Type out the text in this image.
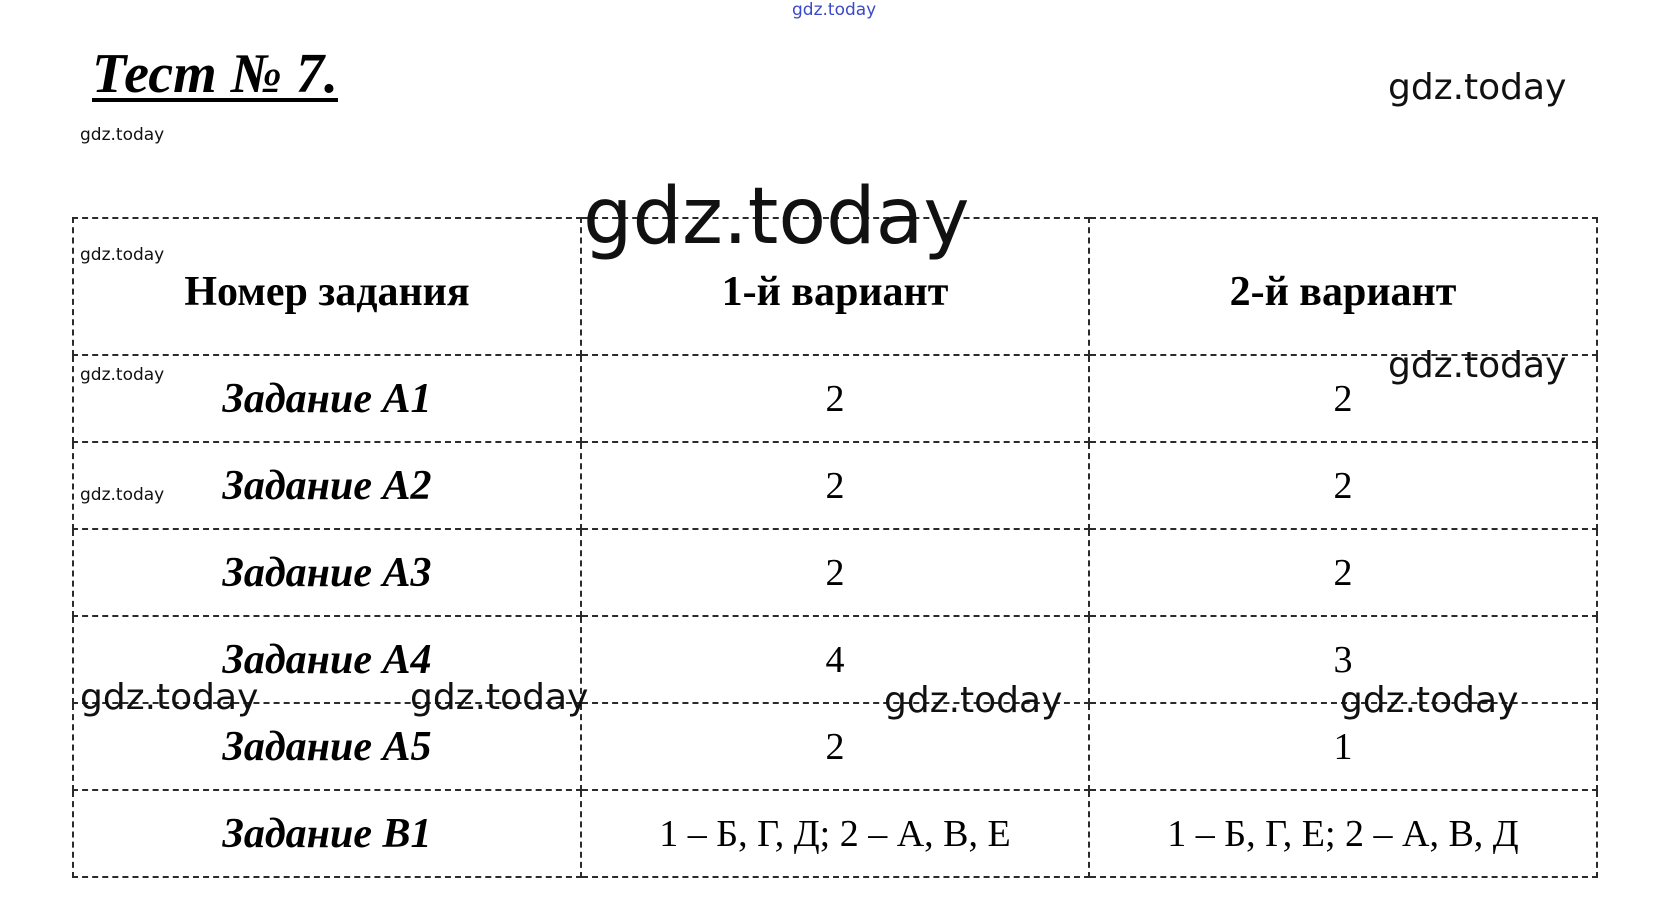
gdz.today
gdz.today
gdz.today
gdz.today
gdz.today
gdz.today	gdz.today
gdz.today
gdz.today	gdz.today	gdz.today	gdz.today
Тест № 7.
Номер задания	1-й вариант	2-й вариант
Задание А1	2	2
Задание А2	2	2
Задание А3	2	2
Задание А4	4	3
Задание А5	2	1
Задание В1	1 – Б, Г, Д; 2 – А, В, Е	1 – Б, Г, Е; 2 – А, В, Д
